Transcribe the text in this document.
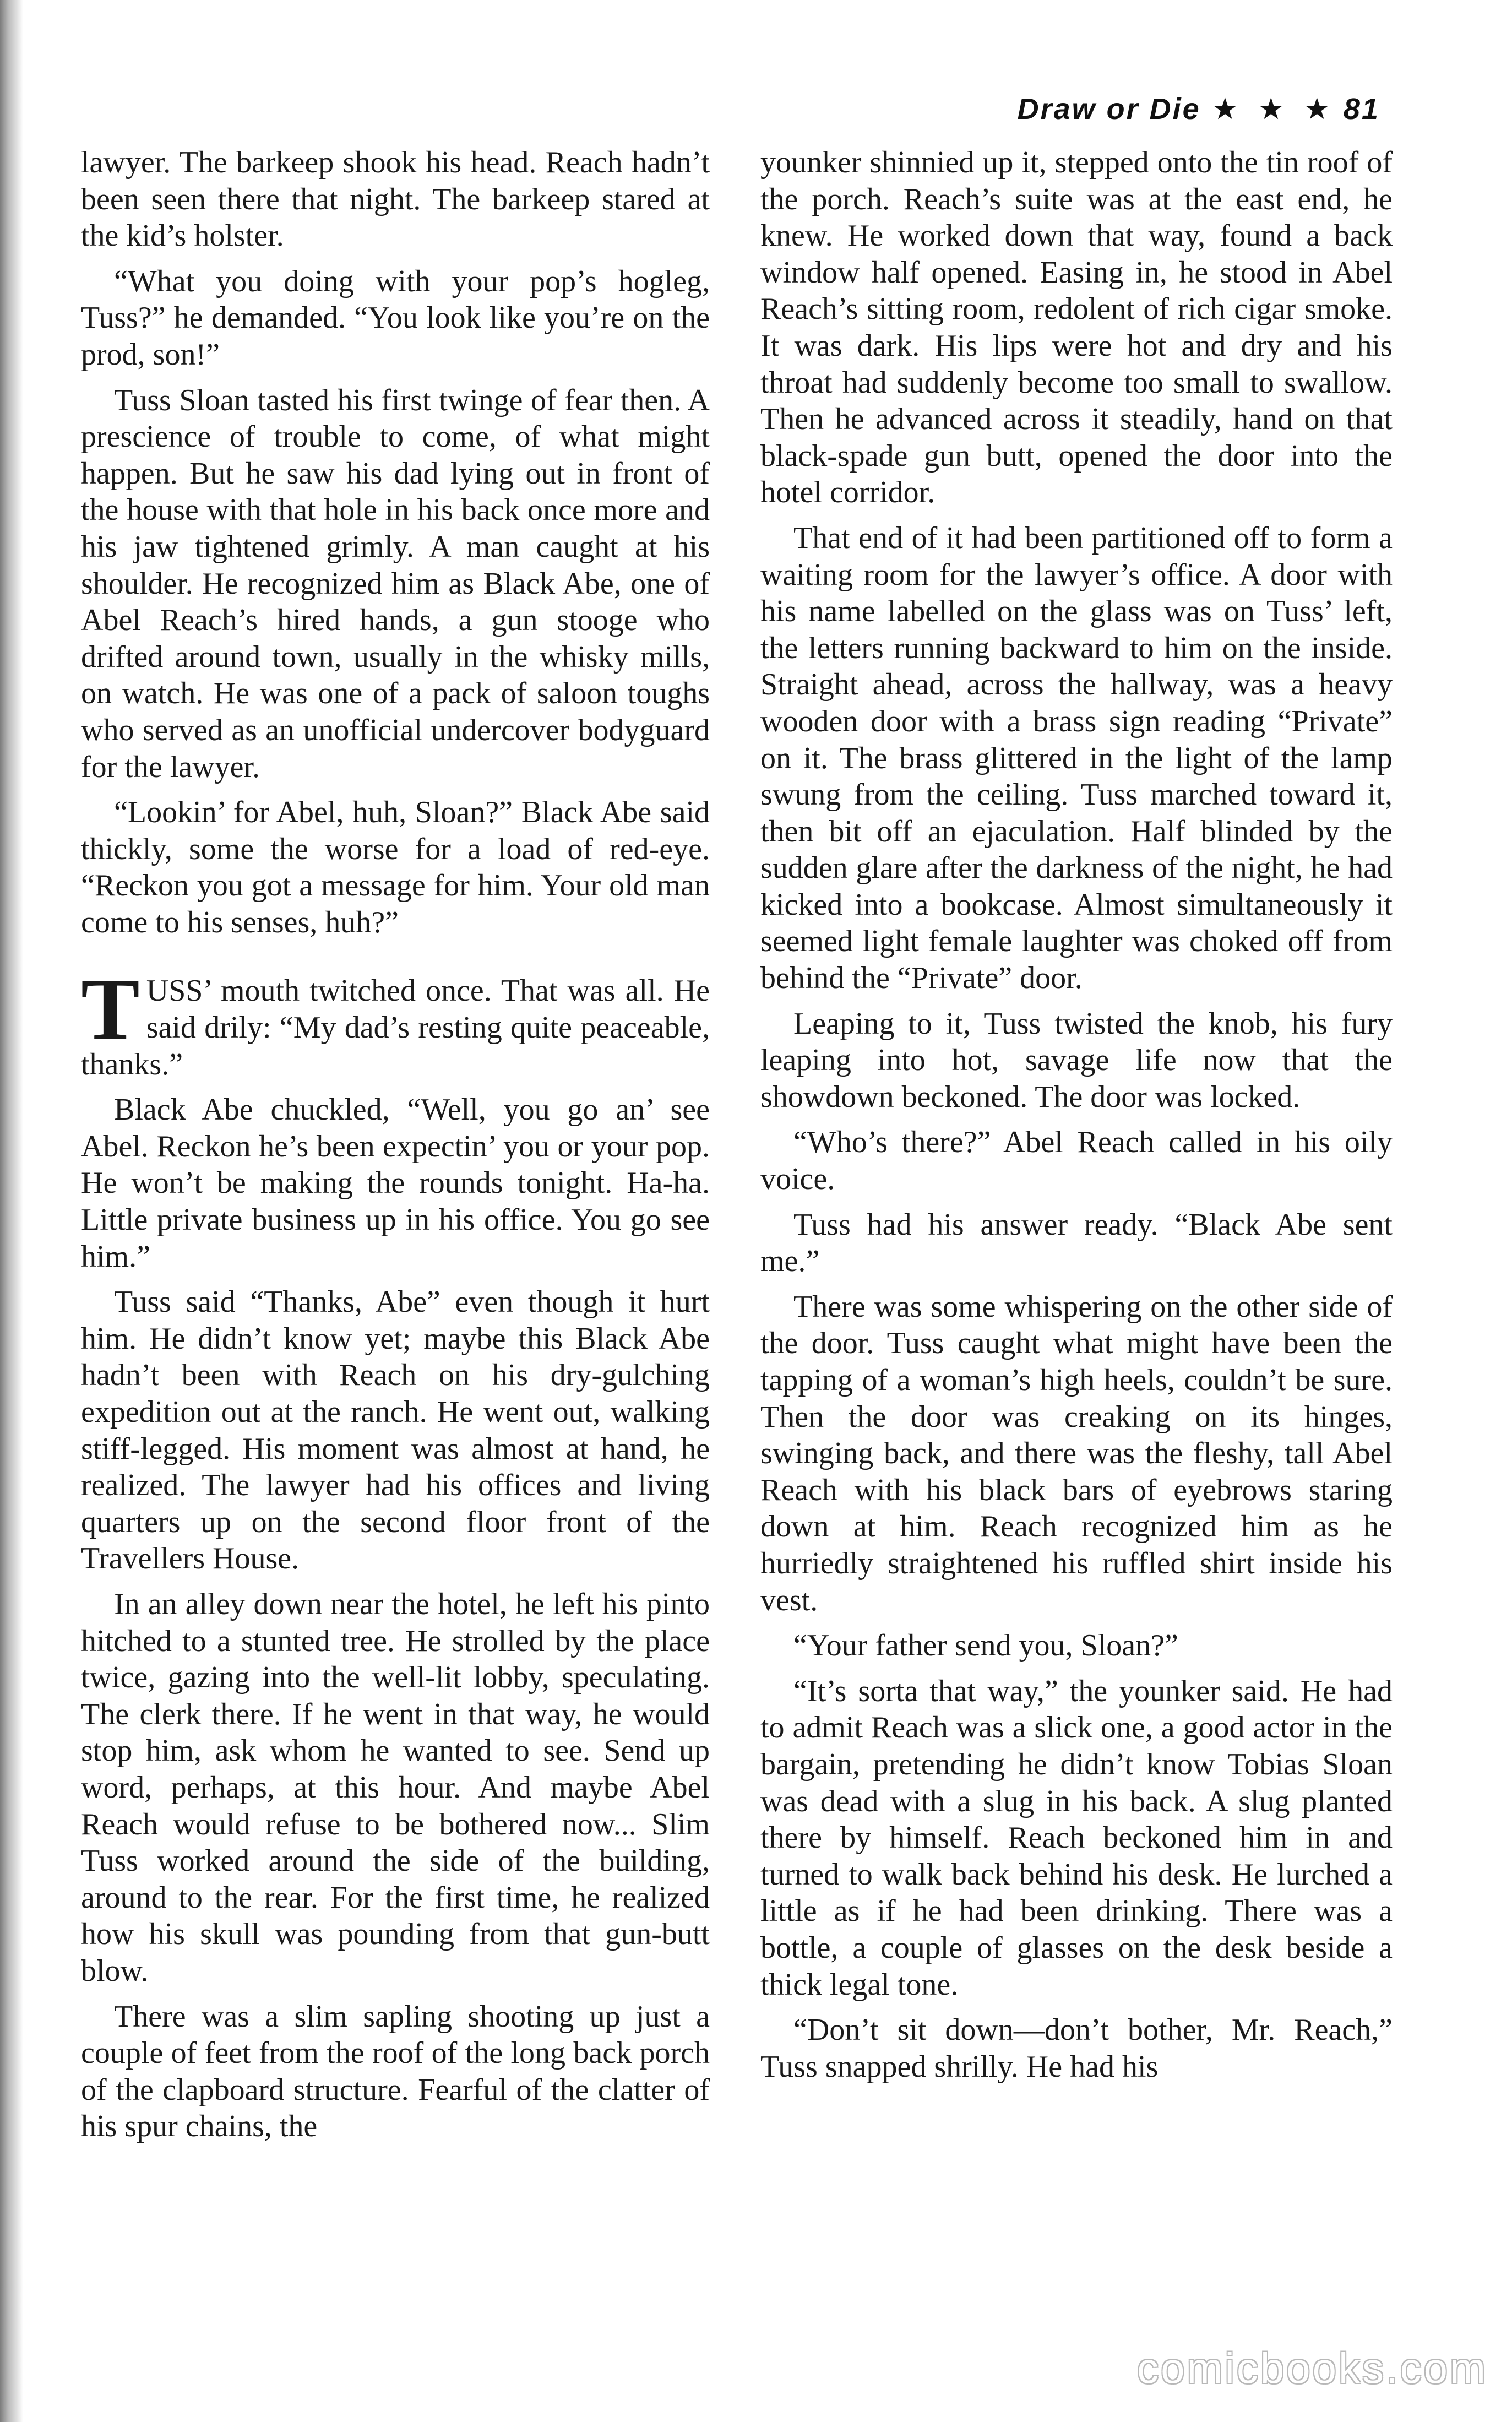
Draw or Die ★ ★ ★ 81

lawyer. The barkeep shook his head. Reach hadn’t been seen there that night. The barkeep stared at the kid’s holster.

“What you doing with your pop’s hogleg, Tuss?” he demanded. “You look like you’re on the prod, son!”

Tuss Sloan tasted his first twinge of fear then. A prescience of trouble to come, of what might happen. But he saw his dad lying out in front of the house with that hole in his back once more and his jaw tightened grimly. A man caught at his shoulder. He recognized him as Black Abe, one of Abel Reach’s hired hands, a gun stooge who drifted around town, usually in the whisky mills, on watch. He was one of a pack of saloon toughs who served as an unofficial undercover bodyguard for the lawyer.

“Lookin’ for Abel, huh, Sloan?” Black Abe said thickly, some the worse for a load of red-eye. “Reckon you got a message for him. Your old man come to his senses, huh?”

TUSS’ mouth twitched once. That was all. He said drily: “My dad’s resting quite peaceable, thanks.”

Black Abe chuckled, “Well, you go an’ see Abel. Reckon he’s been expectin’ you or your pop. He won’t be making the rounds tonight. Ha-ha. Little private business up in his office. You go see him.”

Tuss said “Thanks, Abe” even though it hurt him. He didn’t know yet; maybe this Black Abe hadn’t been with Reach on his dry-gulching expedition out at the ranch. He went out, walking stiff-legged. His moment was almost at hand, he realized. The lawyer had his offices and living quarters up on the second floor front of the Travellers House.

In an alley down near the hotel, he left his pinto hitched to a stunted tree. He strolled by the place twice, gazing into the well-lit lobby, speculating. The clerk there. If he went in that way, he would stop him, ask whom he wanted to see. Send up word, perhaps, at this hour. And maybe Abel Reach would refuse to be bothered now... Slim Tuss worked around the side of the building, around to the rear. For the first time, he realized how his skull was pounding from that gun-butt blow.

There was a slim sapling shooting up just a couple of feet from the roof of the long back porch of the clapboard structure. Fearful of the clatter of his spur chains, the

younker shinnied up it, stepped onto the tin roof of the porch. Reach’s suite was at the east end, he knew. He worked down that way, found a back window half opened. Easing in, he stood in Abel Reach’s sitting room, redolent of rich cigar smoke. It was dark. His lips were hot and dry and his throat had suddenly become too small to swallow. Then he advanced across it steadily, hand on that black-spade gun butt, opened the door into the hotel corridor.

That end of it had been partitioned off to form a waiting room for the lawyer’s office. A door with his name labelled on the glass was on Tuss’ left, the letters running backward to him on the inside. Straight ahead, across the hallway, was a heavy wooden door with a brass sign reading “Private” on it. The brass glittered in the light of the lamp swung from the ceiling. Tuss marched toward it, then bit off an ejaculation. Half blinded by the sudden glare after the darkness of the night, he had kicked into a bookcase. Almost simultaneously it seemed light female laughter was choked off from behind the “Private” door.

Leaping to it, Tuss twisted the knob, his fury leaping into hot, savage life now that the showdown beckoned. The door was locked.

“Who’s there?” Abel Reach called in his oily voice.

Tuss had his answer ready. “Black Abe sent me.”

There was some whispering on the other side of the door. Tuss caught what might have been the tapping of a woman’s high heels, couldn’t be sure. Then the door was creaking on its hinges, swinging back, and there was the fleshy, tall Abel Reach with his black bars of eyebrows staring down at him. Reach recognized him as he hurriedly straightened his ruffled shirt inside his vest.

“Your father send you, Sloan?”

“It’s sorta that way,” the younker said. He had to admit Reach was a slick one, a good actor in the bargain, pretending he didn’t know Tobias Sloan was dead with a slug in his back. A slug planted there by himself. Reach beckoned him in and turned to walk back behind his desk. He lurched a little as if he had been drinking. There was a bottle, a couple of glasses on the desk beside a thick legal tone.

“Don’t sit down—don’t bother, Mr. Reach,” Tuss snapped shrilly. He had his

comicbooks.com
